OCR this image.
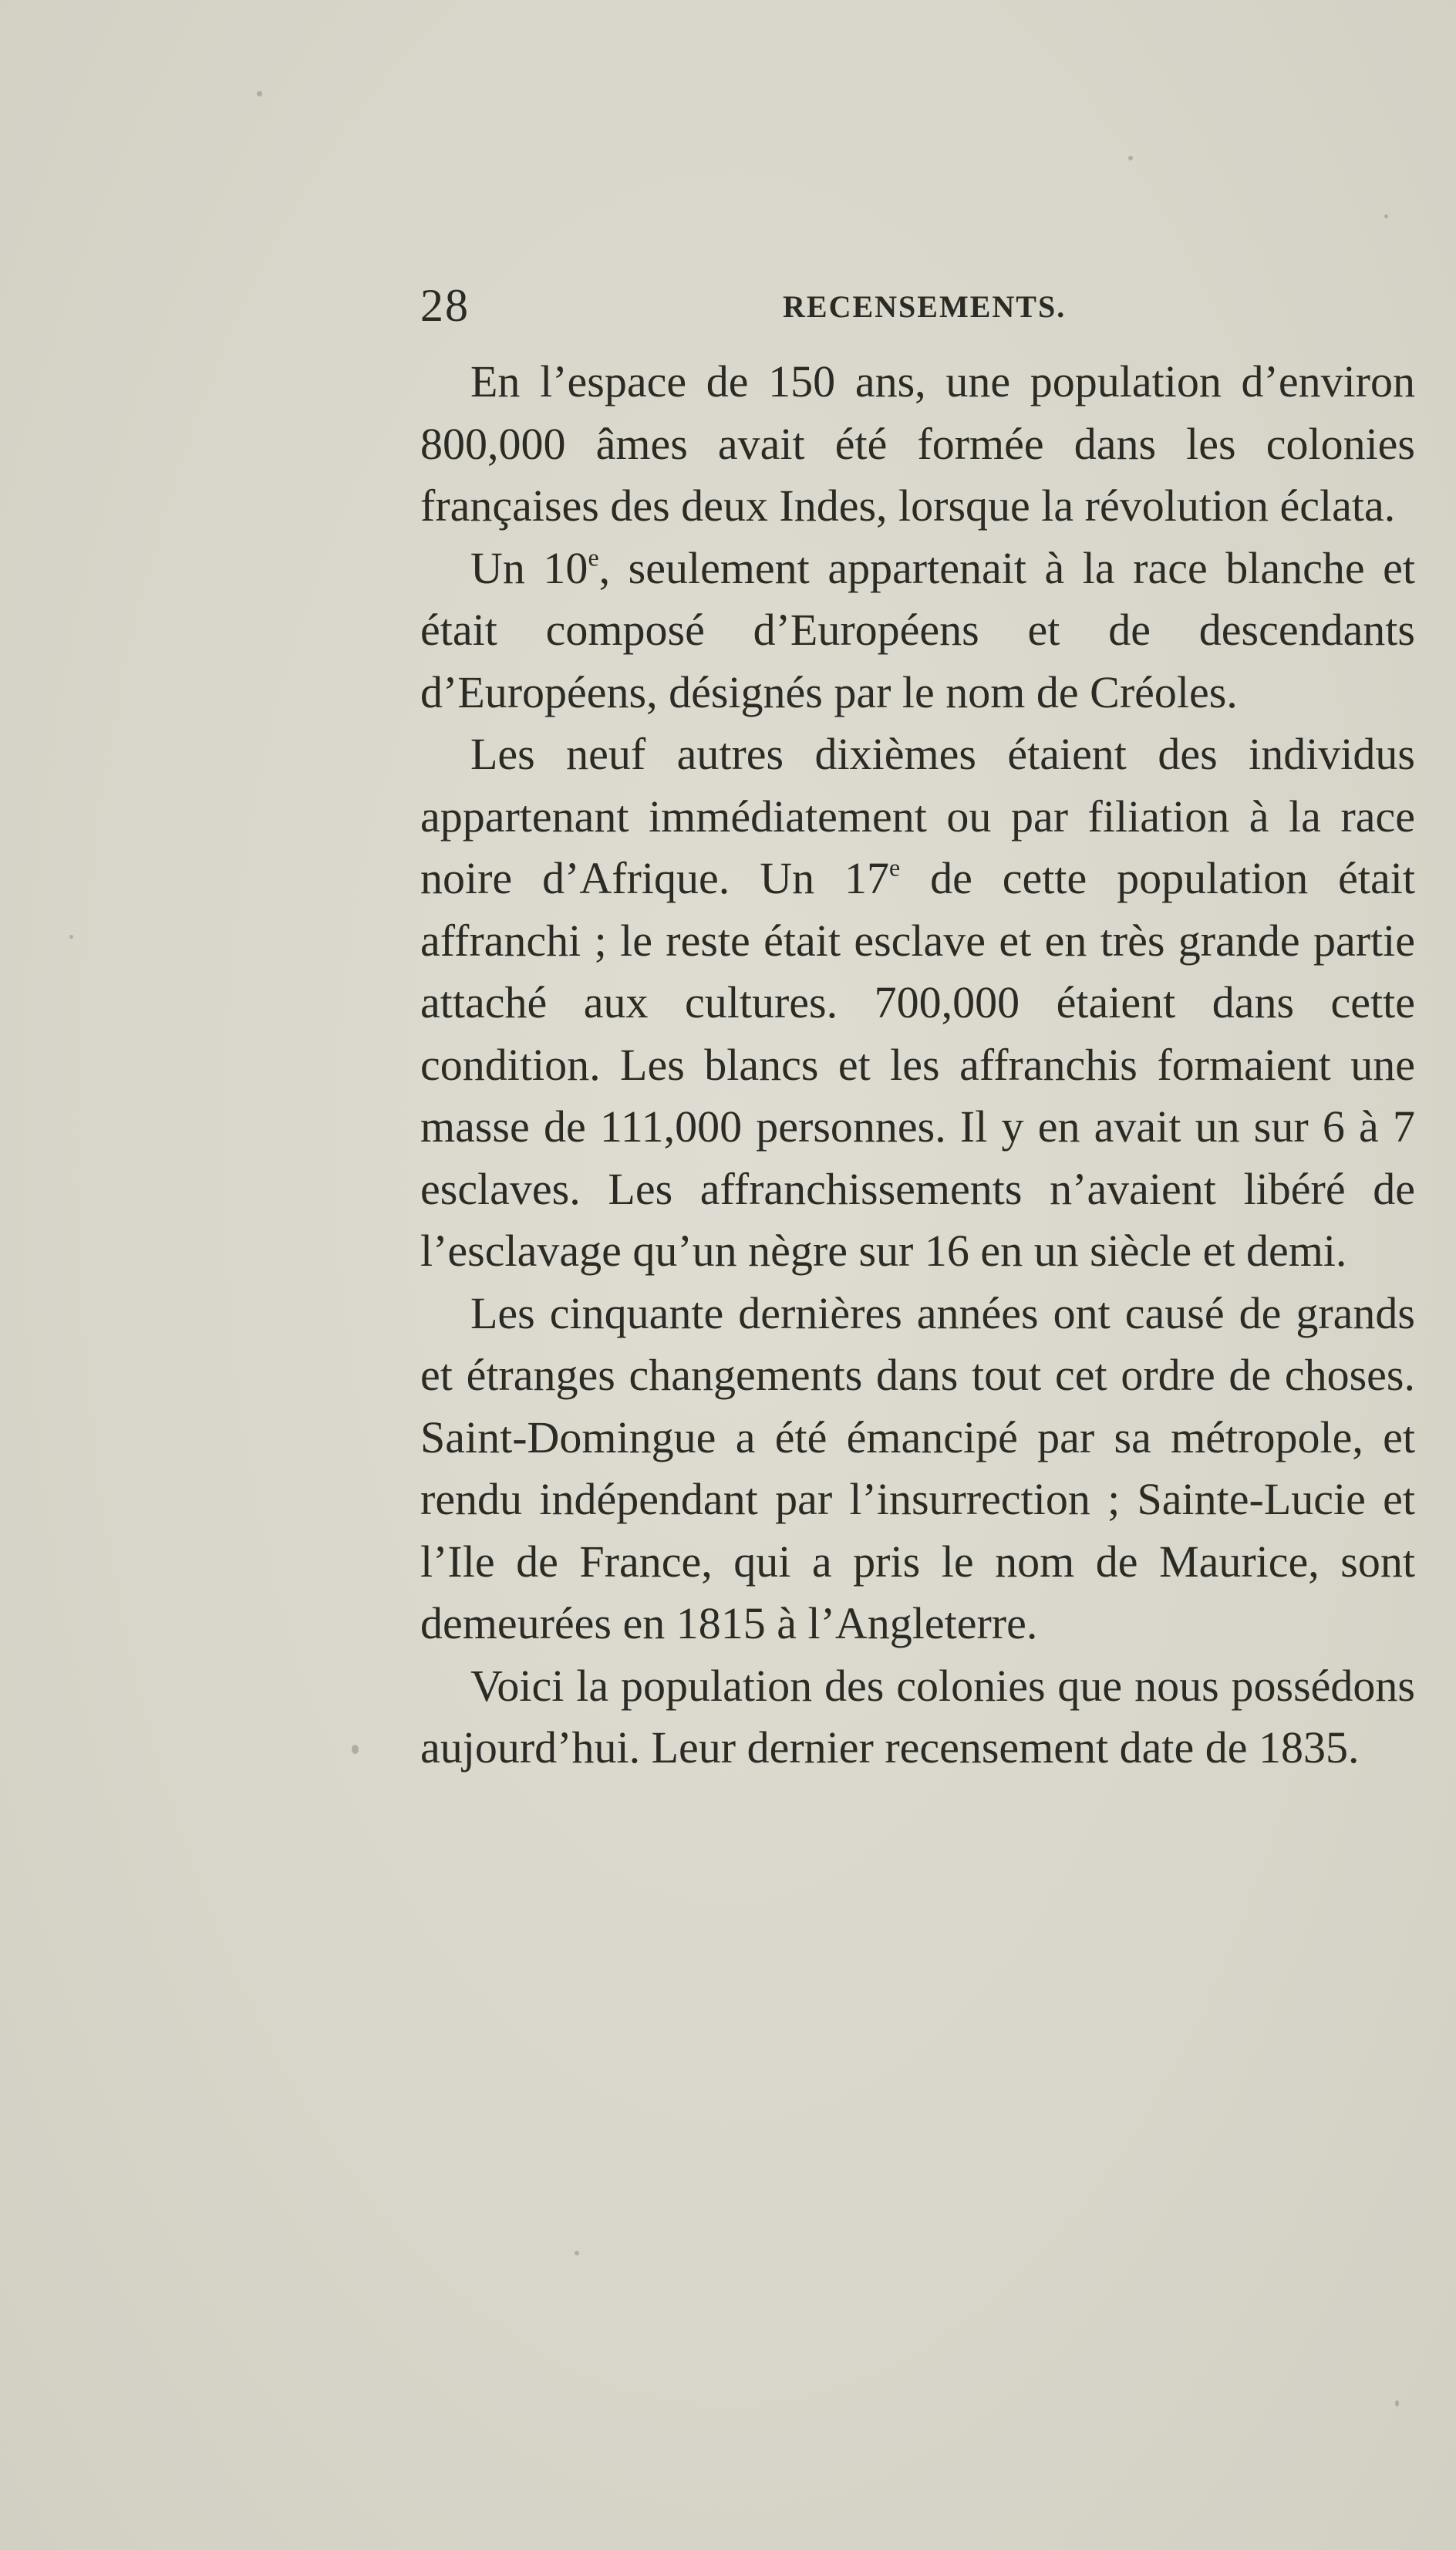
28	RECENSEMENTS.

En l’espace de 150 ans, une population d’environ 800,000 âmes avait été formée dans les colonies françaises des deux Indes, lorsque la révolution éclata.

Un 10e, seulement appartenait à la race blanche et était composé d’Européens et de descendants d’Européens, désignés par le nom de Créoles.

Les neuf autres dixièmes étaient des individus appartenant immédiatement ou par filiation à la race noire d’Afrique. Un 17e de cette population était affranchi ; le reste était esclave et en très grande partie attaché aux cultures. 700,000 étaient dans cette condition. Les blancs et les affranchis formaient une masse de 111,000 personnes. Il y en avait un sur 6 à 7 esclaves. Les affranchissements n’avaient libéré de l’esclavage qu’un nègre sur 16 en un siècle et demi.

Les cinquante dernières années ont causé de grands et étranges changements dans tout cet ordre de choses. Saint-Domingue a été émancipé par sa métropole, et rendu indépendant par l’insurrection ; Sainte-Lucie et l’Ile de France, qui a pris le nom de Maurice, sont demeurées en 1815 à l’Angleterre.

Voici la population des colonies que nous possédons aujourd’hui. Leur dernier recensement date de 1835.
